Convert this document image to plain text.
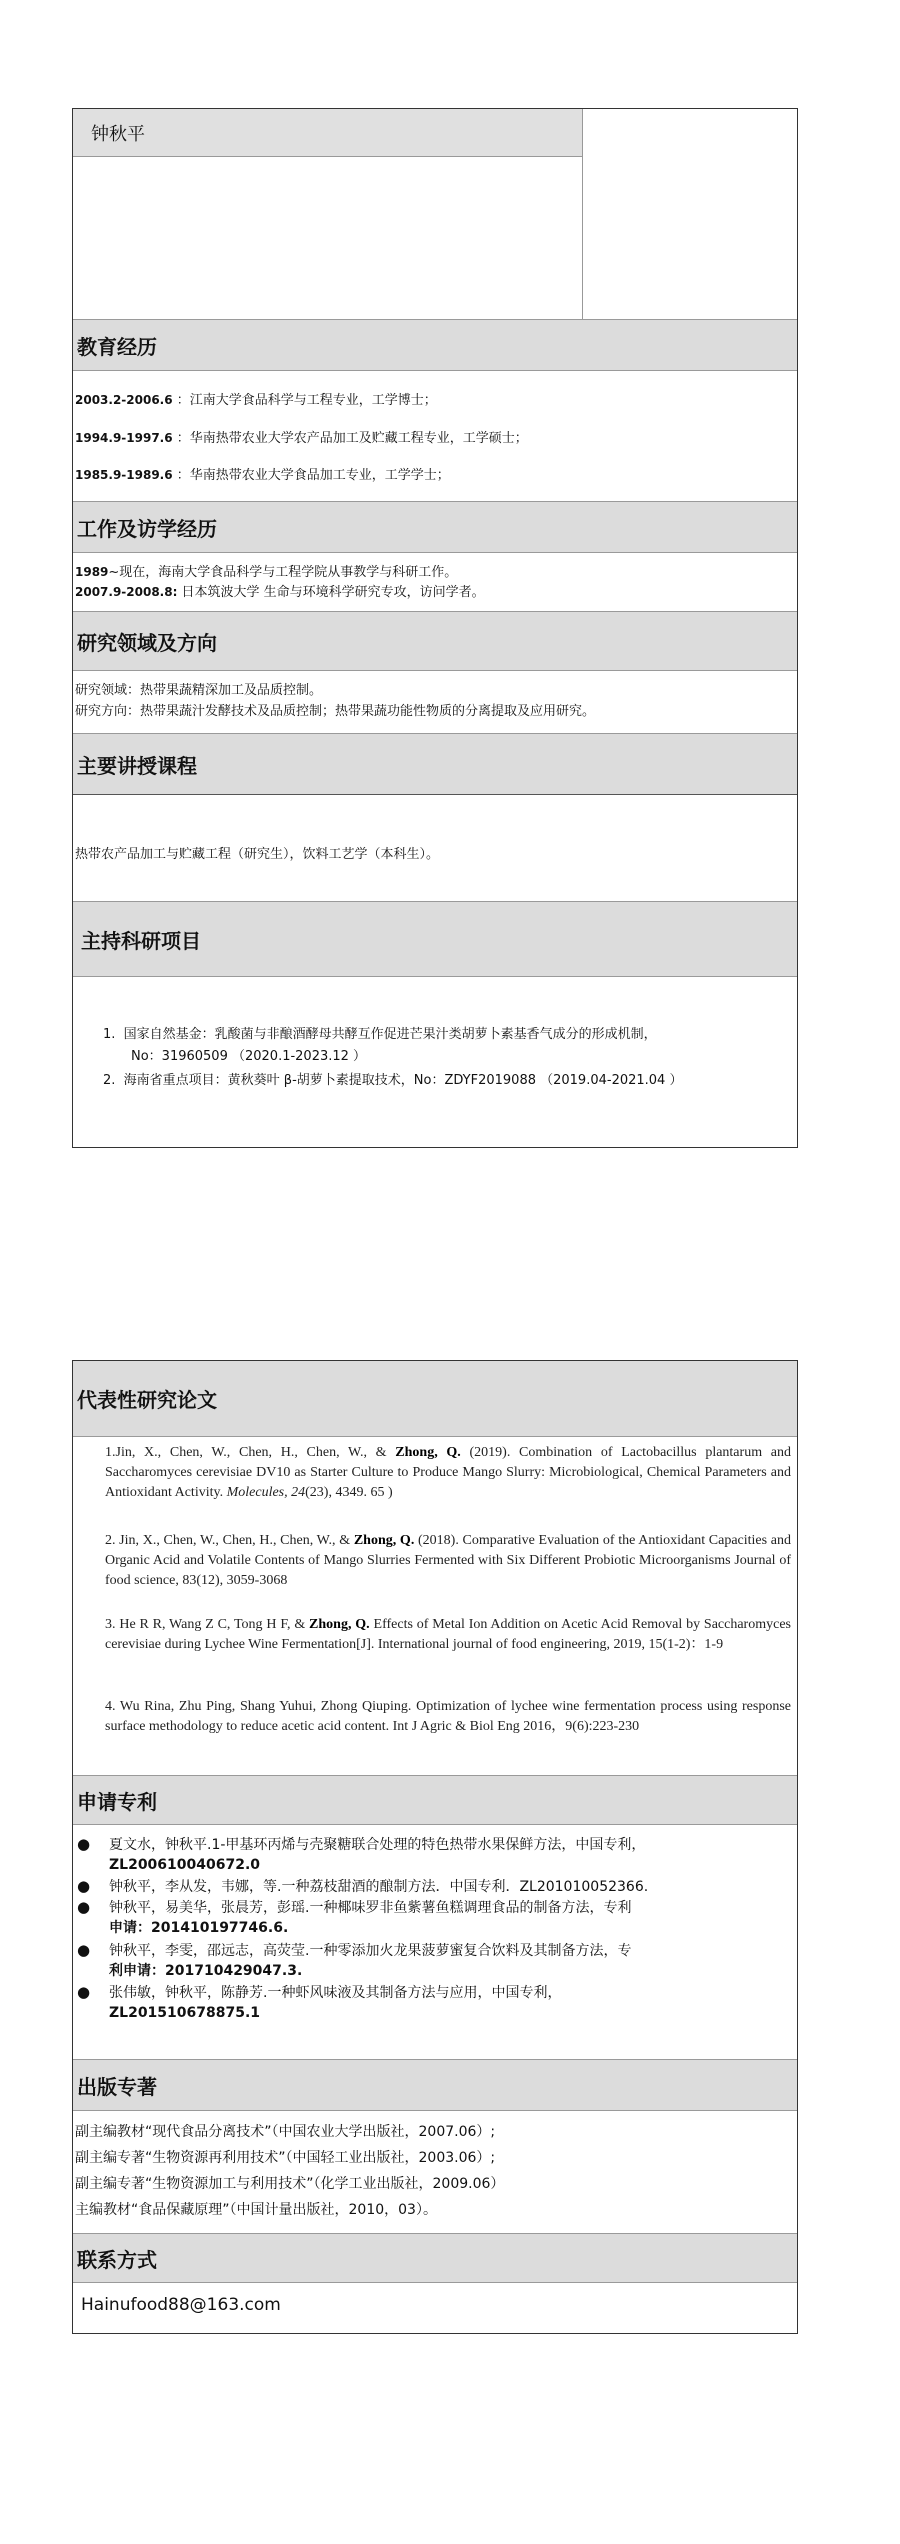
钟秋平
教育经历
2003.2-2006.6 ：江南大学食品科学与工程专业，工学博士；
1994.9-1997.6 ：华南热带农业大学农产品加工及贮藏工程专业，工学硕士；
1985.9-1989.6 ：华南热带农业大学食品加工专业，工学学士；
工作及访学经历
1989~现在，海南大学食品科学与工程学院从事教学与科研工作。
2007.9-2008.8: 日本筑波大学 生命与环境科学研究专攻，访问学者。
研究领域及方向
研究领域：热带果蔬精深加工及品质控制。
研究方向：热带果蔬汁发酵技术及品质控制；热带果蔬功能性物质的分离提取及应用研究。
主要讲授课程
热带农产品加工与贮藏工程（研究生），饮料工艺学（本科生）。
主持科研项目
1. 国家自然基金：乳酸菌与非酿酒酵母共酵互作促进芒果汁类胡萝卜素基香气成分的形成机制，
No：31960509 （2020.1-2023.12 ）
2. 海南省重点项目：黄秋葵叶 β-胡萝卜素提取技术，No：ZDYF2019088 （2019.04-2021.04 ）
代表性研究论文
1.Jin, X., Chen, W., Chen, H., Chen, W., & Zhong, Q. (2019). Combination of Lactobacillus plantarum and Saccharomyces cerevisiae DV10 as Starter Culture to Produce Mango Slurry: Microbiological, Chemical Parameters and Antioxidant Activity. Molecules, 24(23), 4349. 65 )
2. Jin, X., Chen, W., Chen, H., Chen, W., & Zhong, Q. (2018). Comparative Evaluation of the Antioxidant Capacities and Organic Acid and Volatile Contents of Mango Slurries Fermented with Six Different Probiotic Microorganisms Journal of food science, 83(12), 3059-3068
3. He R R, Wang Z C, Tong H F, & Zhong, Q. Effects of Metal Ion Addition on Acetic Acid Removal by Saccharomyces cerevisiae during Lychee Wine Fermentation[J]. International journal of food engineering, 2019, 15(1-2)：1-9
4. Wu Rina, Zhu Ping, Shang Yuhui, Zhong Qiuping. Optimization of lychee wine fermentation process using response surface methodology to reduce acetic acid content. Int J Agric & Biol Eng 2016，9(6):223-230
申请专利
● 夏文水，钟秋平.1-甲基环丙烯与壳聚糖联合处理的特色热带水果保鲜方法，中国专利，
ZL200610040672.0
● 钟秋平，李从发，韦娜，等.一种荔枝甜酒的酿制方法．中国专利．ZL201010052366.
● 钟秋平，易美华，张晨芳，彭瑶.一种椰味罗非鱼紫薯鱼糕调理食品的制备方法，专利
申请：201410197746.6.
● 钟秋平，李雯，邵远志，高荧莹.一种零添加火龙果菠萝蜜复合饮料及其制备方法，专
利申请：201710429047.3.
● 张伟敏，钟秋平，陈静芳.一种虾风味液及其制备方法与应用，中国专利，
ZL201510678875.1
出版专著
副主编教材“现代食品分离技术”（中国农业大学出版社，2007.06）;
副主编专著“生物资源再利用技术”（中国轻工业出版社，2003.06）;
副主编专著“生物资源加工与利用技术”（化学工业出版社，2009.06）
主编教材“食品保藏原理”（中国计量出版社，2010，03）。
联系方式
Hainufood88@163.com
